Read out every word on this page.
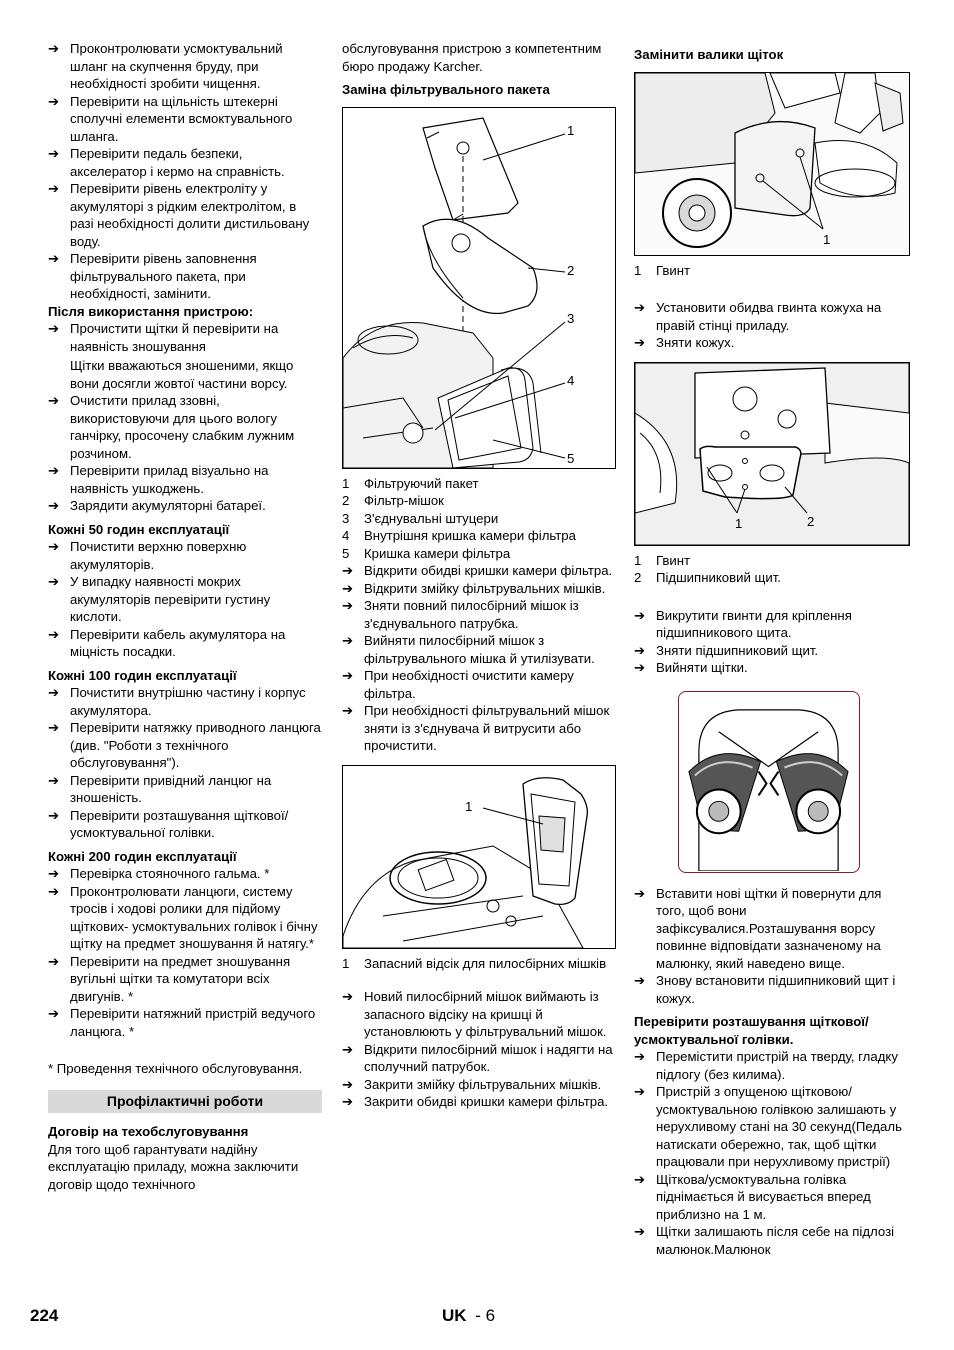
➔ Проконтролювати усмоктувальний шланг на скупчення бруду, при необхідності зробити чищення.
➔ Перевірити на щільність штекерні сполучні елементи всмоктувального шланга.
➔ Перевірити педаль безпеки, акселератор і кермо на справність.
➔ Перевірити рівень електроліту у акумуляторі з рідким електролітом, в разі необхідності долити дистильовану воду.
➔ Перевірити рівень заповнення фільтрувального пакета, при необхідності, замінити.
Після використання пристрою:
➔ Прочистити щітки й перевірити на наявність зношування
Щітки вважаються зношеними, якщо вони досягли жовтої частини ворсу.
➔ Очистити прилад ззовні, використовуючи для цього вологу ганчірку, просочену слабким лужним розчином.
➔ Перевірити прилад візуально на наявність ушкоджень.
➔ Зарядити акумуляторні батареї.
Кожні 50 годин експлуатації
➔ Почистити верхню поверхню акумуляторів.
➔ У випадку наявності мокрих акумуляторів перевірити густину кислоти.
➔ Перевірити кабель акумулятора на міцність посадки.
Кожні 100 годин експлуатації
➔ Почистити внутрішню частину і корпус акумулятора.
➔ Перевірити натяжку приводного ланцюга (див. "Роботи з технічного обслуговування").
➔ Перевірити привідний ланцюг на зношеність.
➔ Перевірити розташування щіткової/ усмоктувальної голівки.
Кожні 200 годин експлуатації
➔ Перевірка стояночного гальма. *
➔ Проконтролювати ланцюги, систему тросів і ходові ролики для підйому щіткових- усмоктувальних голівок і бічну щітку на предмет зношування й натягу.*
➔ Перевірити на предмет зношування вугільні щітки та комутатори всіх двигунів. *
➔ Перевірити натяжний пристрій ведучого ланцюга. *
* Проведення технічного обслуговування.
Профілактичні роботи
Договір на техобслуговування
Для того щоб гарантувати надійну експлуатацію приладу, можна заключити договір щодо технічного
обслуговування пристрою з компетентним бюро продажу Karcher.
Заміна фільтрувального пакета
1
2
3
4
5
1	Фільтруючий пакет
2	Фільтр-мішок
3	З'єднувальні штуцери
4	Внутрішня кришка камери фільтра
5	Кришка камери фільтра
➔ Відкрити обидві кришки камери фільтра.
➔ Відкрити змійку фільтрувальних мішків.
➔ Зняти повний пилосбірний мішок із з'єднувального патрубка.
➔ Вийняти пилосбірний мішок з фільтрувального мішка й утилізувати.
➔ При необхідності очистити камеру фільтра.
➔ При необхідності фільтрувальний мішок зняти із з'єднувача й витрусити або прочистити.
1
1	Запасний відсік для пилосбірних мішків
➔ Новий пилосбірний мішок виймають із запасного відсіку на кришці й установлюють у фільтрувальний мішок.
➔ Відкрити пилосбірний мішок і надягти на сполучний патрубок.
➔ Закрити змійку фільтрувальних мішків.
➔ Закрити обидві кришки камери фільтра.
Замінити валики щіток
1
1	Гвинт
➔ Установити обидва гвинта кожуха на правій стінці приладу.
➔ Зняти кожух.
1	2
1	Гвинт
2	Підшипниковий щит.
➔ Викрутити гвинти для кріплення підшипникового щита.
➔ Зняти підшипниковий щит.
➔ Вийняти щітки.
➔ Вставити нові щітки й повернути для того, щоб вони зафіксувалися.Розташування ворсу повинне відповідати зазначеному на малюнку, який наведено вище.
➔ Знову встановити підшипниковий щит і кожух.
Перевірити розташування щіткової/ усмоктувальної голівки.
➔ Перемістити пристрій на тверду, гладку підлогу (без килима).
➔ Пристрій з опущеною щітковою/ усмоктувальною голівкою залишають у нерухливому стані на 30 секунд(Педаль натискати обережно, так, щоб щітки працювали при нерухливому пристрії)
➔ Щіткова/усмоктувальна голівка піднімається й висувається вперед приблизно на 1 м.
➔ Щітки залишають після себе на підлозі малюнок.Малюнок
224	UK - 6
